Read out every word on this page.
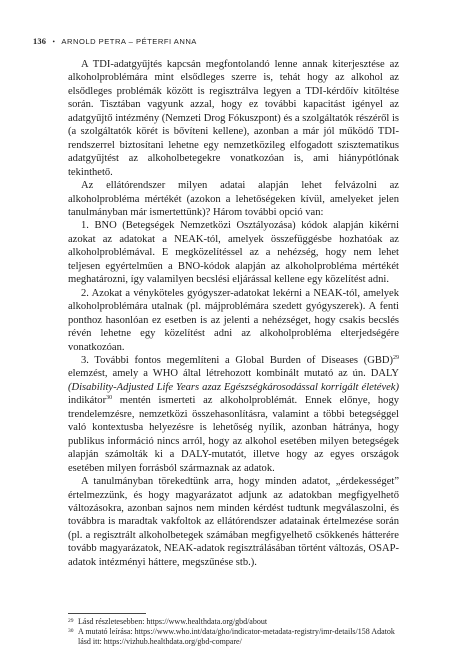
136 • ARNOLD PETRA – PÉTERFI ANNA

A TDI-adatgyűjtés kapcsán megfontolandó lenne annak kiterjesztése az alkoholproblémára mint elsődleges szerre is, tehát hogy az alkohol az elsődleges problémák között is regisztrálva legyen a TDI-kérdőív kitöltése során. Tisztában vagyunk azzal, hogy ez további kapacitást igényel az adatgyűjtő intézmény (Nemzeti Drog Fókuszpont) és a szolgáltatók részéről is (a szolgáltatók körét is bővíteni kellene), azonban a már jól működő TDI-rendszerrel biztosítani lehetne egy nemzetközileg elfogadott szisztematikus adatgyűjtést az alkoholbetegekre vonatkozóan is, ami hiánypótlónak tekinthető.

Az ellátórendszer milyen adatai alapján lehet felvázolni az alkoholprobléma mértékét (azokon a lehetőségeken kívül, amelyeket jelen tanulmányban már ismertettünk)? Három további opció van:

1. BNO (Betegségek Nemzetközi Osztályozása) kódok alapján kikérni azokat az adatokat a NEAK-tól, amelyek összefüggésbe hozhatóak az alkoholproblémával. E megközelítéssel az a nehézség, hogy nem lehet teljesen egyértelműen a BNO-kódok alapján az alkoholprobléma mértékét meghatározni, így valamilyen becslési eljárással kellene egy közelítést adni.

2. Azokat a vényköteles gyógyszer-adatokat lekérni a NEAK-tól, amelyek alkoholproblémára utalnak (pl. májproblémára szedett gyógyszerek). A fenti ponthoz hasonlóan ez esetben is az jelenti a nehézséget, hogy csakis becslés révén lehetne egy közelítést adni az alkoholprobléma elterjedségére vonatkozóan.

3. További fontos megemlíteni a Global Burden of Diseases (GBD)$^{29}$ elemzést, amely a WHO által létrehozott kombinált mutató az ún. DALY (Disability-Adjusted Life Years azaz Egészségkárosodással korrigált életévek) indikátor$^{30}$ mentén ismerteti az alkoholproblémát. Ennek előnye, hogy trendelemzésre, nemzetközi összehasonlításra, valamint a többi betegséggel való kontextusba helyezésre is lehetőség nyílik, azonban hátránya, hogy publikus információ nincs arról, hogy az alkohol esetében milyen betegségek alapján számolták ki a DALY-mutatót, illetve hogy az egyes országok esetében milyen forrásból származnak az adatok.

A tanulmányban törekedtünk arra, hogy minden adatot, „érdekességet” értelmezzünk, és hogy magyarázatot adjunk az adatokban megfigyelhető változásokra, azonban sajnos nem minden kérdést tudtunk megválaszolni, és továbbra is maradtak vakfoltok az ellátórendszer adatainak értelmezése során (pl. a regisztrált alkoholbetegek számában megfigyelhető csökkenés hátterére tovább magyarázatok, NEAK-adatok regisztrálásában történt változás, OSAP-adatok intézményi háttere, megszűnése stb.).

29 Lásd részletesebben: https://www.healthdata.org/gbd/about
30 A mutató leírása: https://www.who.int/data/gho/indicator-metadata-registry/imr-details/158 Adatok lásd itt: https://vizhub.healthdata.org/gbd-compare/
